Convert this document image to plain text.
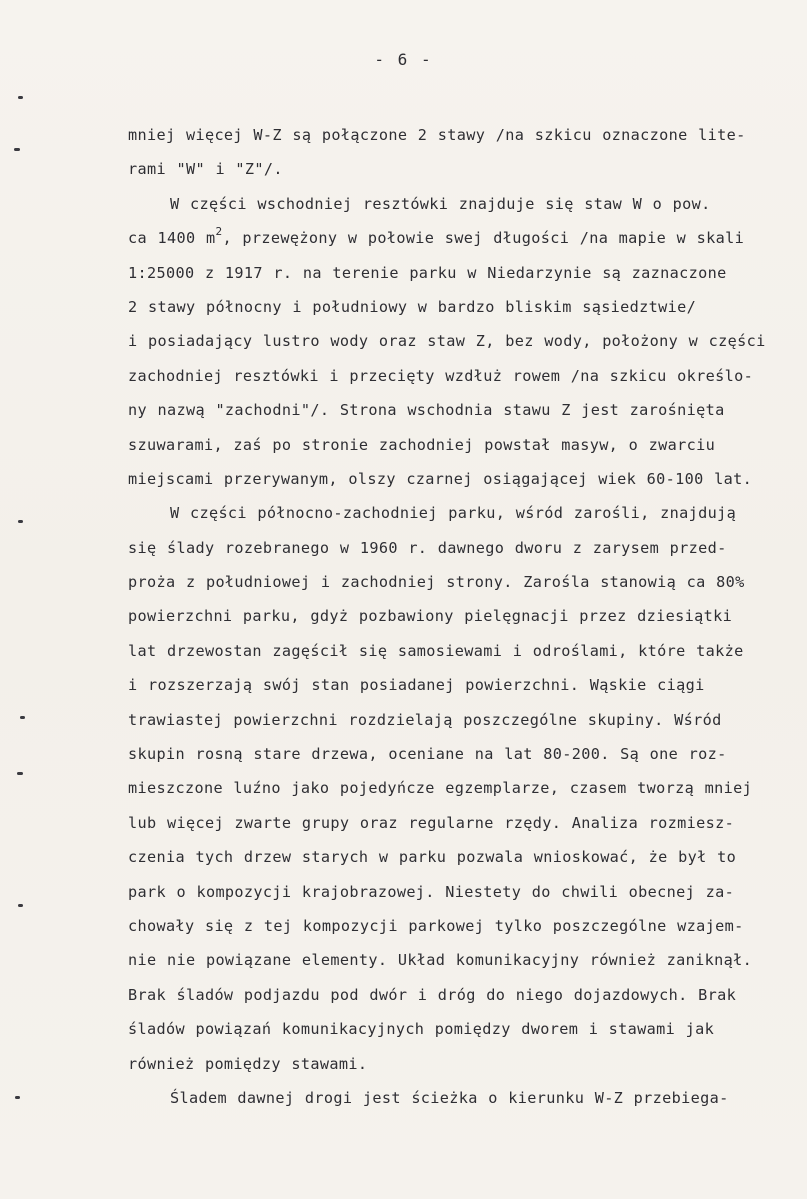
- 6 -
mniej więcej W-Z są połączone 2 stawy /na szkicu oznaczone lite-
rami "W" i "Z"/.
W części wschodniej resztówki znajduje się staw W o pow.
ca 1400 $m^2$, przewężony w połowie swej długości /na mapie w skali
1:25000 z 1917 r. na terenie parku w Niedarzynie są zaznaczone
2 stawy północny i południowy w bardzo bliskim sąsiedztwie/
i posiadający lustro wody oraz staw Z, bez wody, położony w części
zachodniej resztówki i przecięty wzdłuż rowem /na szkicu określo-
ny nazwą "zachodni"/. Strona wschodnia stawu Z jest zarośnięta
szuwarami, zaś po stronie zachodniej powstał masyw, o zwarciu
miejscami przerywanym, olszy czarnej osiągającej wiek 60-100 lat.
W części północno-zachodniej parku, wśród zarośli, znajdują
się ślady rozebranego w 1960 r. dawnego dworu z zarysem przed-
proża z południowej i zachodniej strony. Zarośla stanowią ca 80%
powierzchni parku, gdyż pozbawiony pielęgnacji przez dziesiątki
lat drzewostan zagęścił się samosiewami i odroślami, które także
i rozszerzają swój stan posiadanej powierzchni. Wąskie ciągi
trawiastej powierzchni rozdzielają poszczególne skupiny. Wśród
skupin rosną stare drzewa, oceniane na lat 80-200. Są one roz-
mieszczone luźno jako pojedyńcze egzemplarze, czasem tworzą mniej
lub więcej zwarte grupy oraz regularne rzędy. Analiza rozmiesz-
czenia tych drzew starych w parku pozwala wnioskować, że był to
park o kompozycji krajobrazowej. Niestety do chwili obecnej za-
chowały się z tej kompozycji parkowej tylko poszczególne wzajem-
nie nie powiązane elementy. Układ komunikacyjny również zaniknął.
Brak śladów podjazdu pod dwór i dróg do niego dojazdowych. Brak
śladów powiązań komunikacyjnych pomiędzy dworem i stawami jak
również pomiędzy stawami.
Śladem dawnej drogi jest ścieżka o kierunku W-Z przebiega-
